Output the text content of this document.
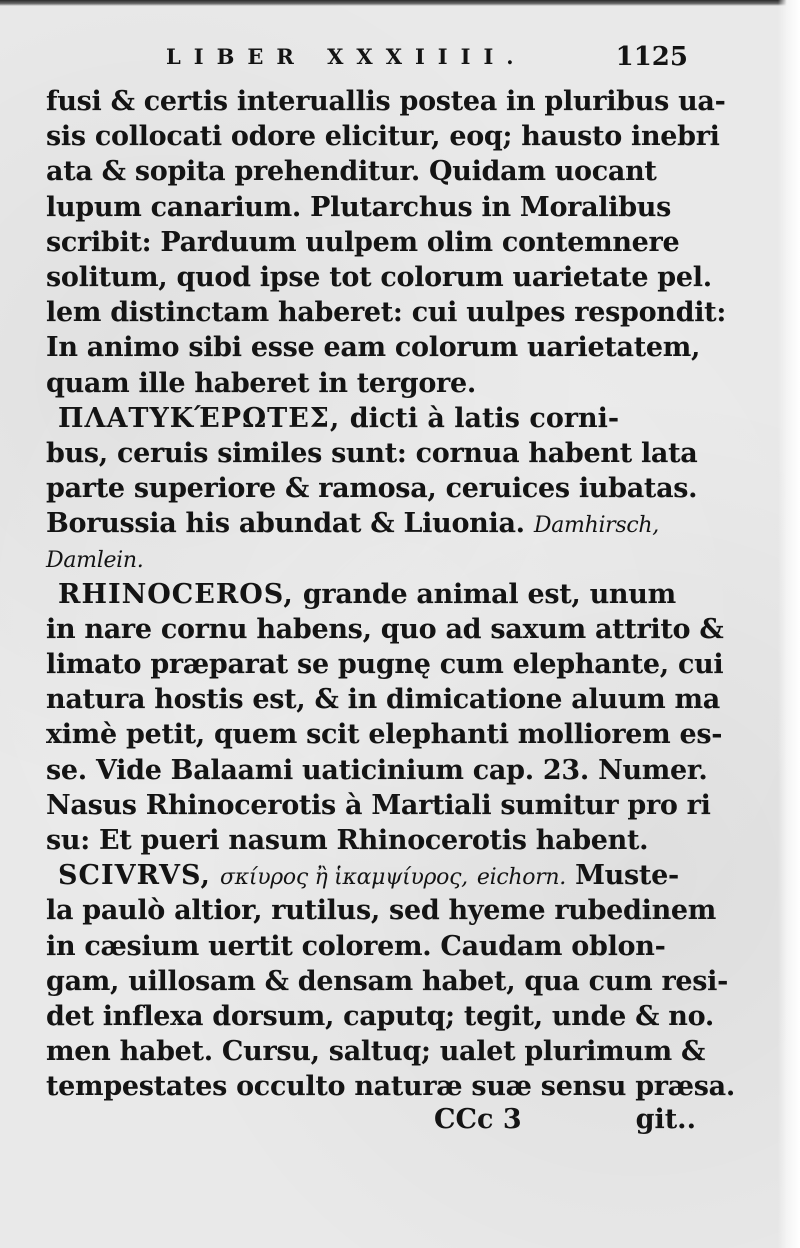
LIBER XXXIIII.	1125
fusi & certis interuallis postea in pluribus ua-
sis collocati odore elicitur, eoq; hausto inebri
ata & sopita prehenditur. Quidam uocant
lupum canarium. Plutarchus in Moralibus
scribit: Parduum uulpem olim contemnere
solitum, quod ipse tot colorum uarietate pel.
lem distinctam haberet: cui uulpes respondit:
In animo sibi esse eam colorum uarietatem,
quam ille haberet in tergore.
ΠΛΑΤΥΚΈΡΩΤΕΣ, dicti à latis corni-
bus, ceruis similes sunt: cornua habent lata
parte superiore & ramosa, ceruices iubatas.
Borussia his abundat & Liuonia. Damhirsch,
Damlein.
RHINOCEROS, grande animal est, unum
in nare cornu habens, quo ad saxum attrito &
limato præparat se pugnę cum elephante, cui
natura hostis est, & in dimicatione aluum ma
ximè petit, quem scit elephanti molliorem es-
se. Vide Balaami uaticinium cap. 23. Numer.
Nasus Rhinocerotis à Martiali sumitur pro ri
su: Et pueri nasum Rhinocerotis habent.
SCIVRVS, σκίυρος ἢ ἱκαμψίυρος, eichorn. Muste-
la paulò altior, rutilus, sed hyeme rubedinem
in cæsium uertit colorem. Caudam oblon-
gam, uillosam & densam habet, qua cum resi-
det inflexa dorsum, caputq; tegit, unde & no.
men habet. Cursu, saltuq; ualet plurimum &
tempestates occulto naturæ suæ sensu præsa.
CCc 3	git..
